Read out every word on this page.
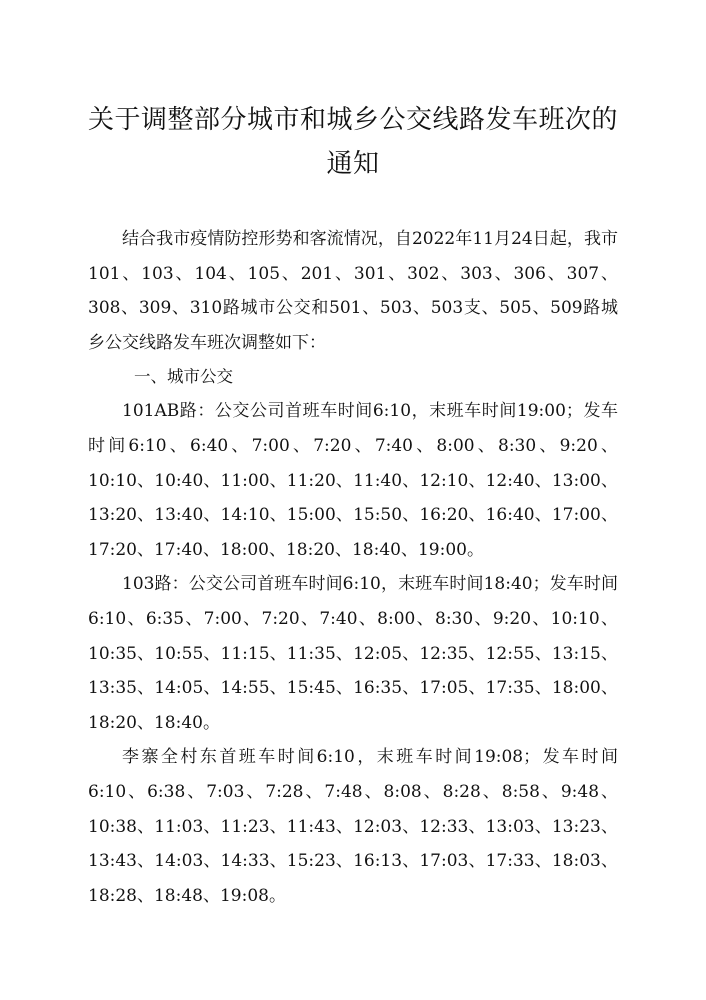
关于调整部分城市和城乡公交线路发车班次的通知

结合我市疫情防控形势和客流情况，自2022年11月24日起，我市101、103、104、105、201、301、302、303、306、307、308、309、310路城市公交和501、503、503支、505、509路城乡公交线路发车班次调整如下：

一、城市公交

101AB路：公交公司首班车时间6:10，末班车时间19:00；发车时间6:10、6:40、7:00、7:20、7:40、8:00、8:30、9:20、10:10、10:40、11:00、11:20、11:40、12:10、12:40、13:00、13:20、13:40、14:10、15:00、15:50、16:20、16:40、17:00、17:20、17:40、18:00、18:20、18:40、19:00。

103路：公交公司首班车时间6:10，末班车时间18:40；发车时间6:10、6:35、7:00、7:20、7:40、8:00、8:30、9:20、10:10、10:35、10:55、11:15、11:35、12:05、12:35、12:55、13:15、13:35、14:05、14:55、15:45、16:35、17:05、17:35、18:00、18:20、18:40。

李寨全村东首班车时间6:10，末班车时间19:08；发车时间6:10、6:38、7:03、7:28、7:48、8:08、8:28、8:58、9:48、10:38、11:03、11:23、11:43、12:03、12:33、13:03、13:23、13:43、14:03、14:33、15:23、16:13、17:03、17:33、18:03、18:28、18:48、19:08。
